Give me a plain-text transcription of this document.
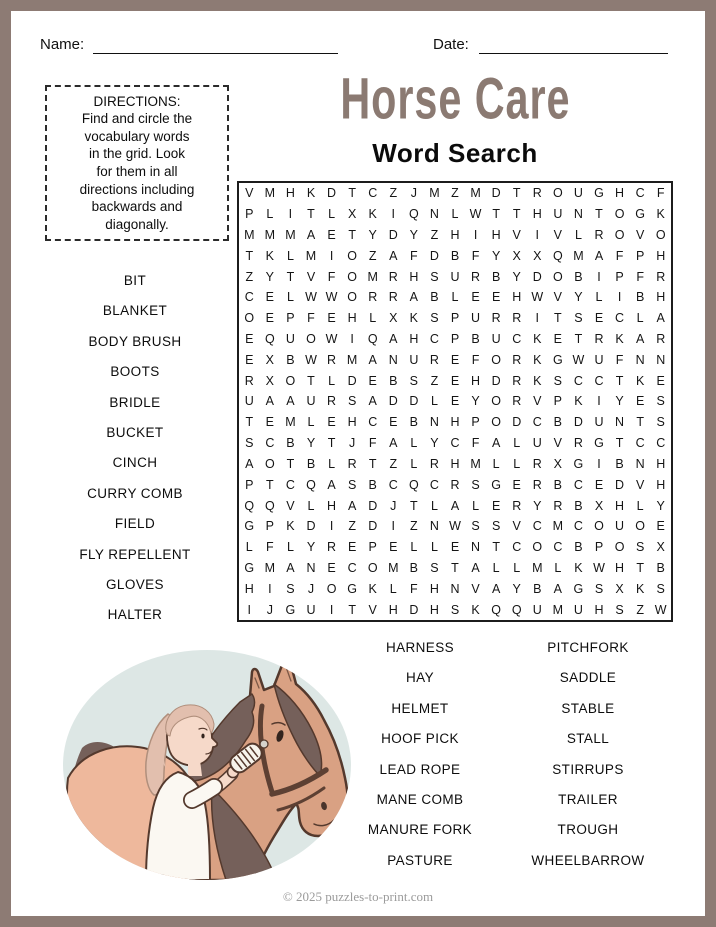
Name:	Date:
DIRECTIONS:
Find and circle the
vocabulary words
in the grid. Look
for them in all
directions including
backwards and
diagonally.
Horse Care
Word Search
V M H K D T C Z	J M Z M D T R O U G H C F
P	L	I	T	L	X K	I	Q N	L W T	T H U N T O G K
M M M A E	T	Y D Y	Z H	I	H V	I	V	L	R O V O
T	K	L M	I	O Z	A	F D B	F	Y X X Q M A	F	P H
Z	Y	T	V	F O M R H S U R B Y D O B	I	P	F R
C E	L W W O R R A B	L	E E H W V Y	L	I	B H
O E P	F	E H	L	X K S P U R R	I	T	S E C	L	A
E Q U O W	I	Q A H C P B U C K E	T R K A R
E X B W R M A N U R E	F O R K G W U F N N
R X O T	L	D E B S	Z	E H D R K S C C T	K E
U A A U R S A D D	L	E Y O R V P K	I	Y E S
T	E M L	E H C E B N H P O D C B D U N T	S
S C B Y	T	J	F	A	L	Y C F	A	L	U V R G T C C
A O T	B	L	R T	Z	L	R H M L	L	R X G	I	B N H
P	T C Q A S B C Q C R S G E R B C E D V H
Q Q V	L	H A D	J	T	L	A	L	E R Y R B X H	L	Y
G P K D	I	Z D	I	Z N W S S V C M C O U O E
L	F	L	Y R E P E	L	L	E N T C O C B P O S X
G M A N E C O M B S	T	A	L	L M L	K W H T	B
H	I	S	J	O G K	L	F H N V A Y B A G S X K S
I	J	G U	I	T	V H D H S K Q Q U M U H S	Z W
BIT
BLANKET
BODY BRUSH
BOOTS
BRIDLE
BUCKET
CINCH
CURRY COMB
FIELD
FLY REPELLENT
GLOVES
HALTER
HARNESS
HAY
HELMET
HOOF PICK
LEAD ROPE
MANE COMB
MANURE FORK
PASTURE
PITCHFORK
SADDLE
STABLE
STALL
STIRRUPS
TRAILER
TROUGH
WHEELBARROW
© 2025 puzzles-to-print.com
